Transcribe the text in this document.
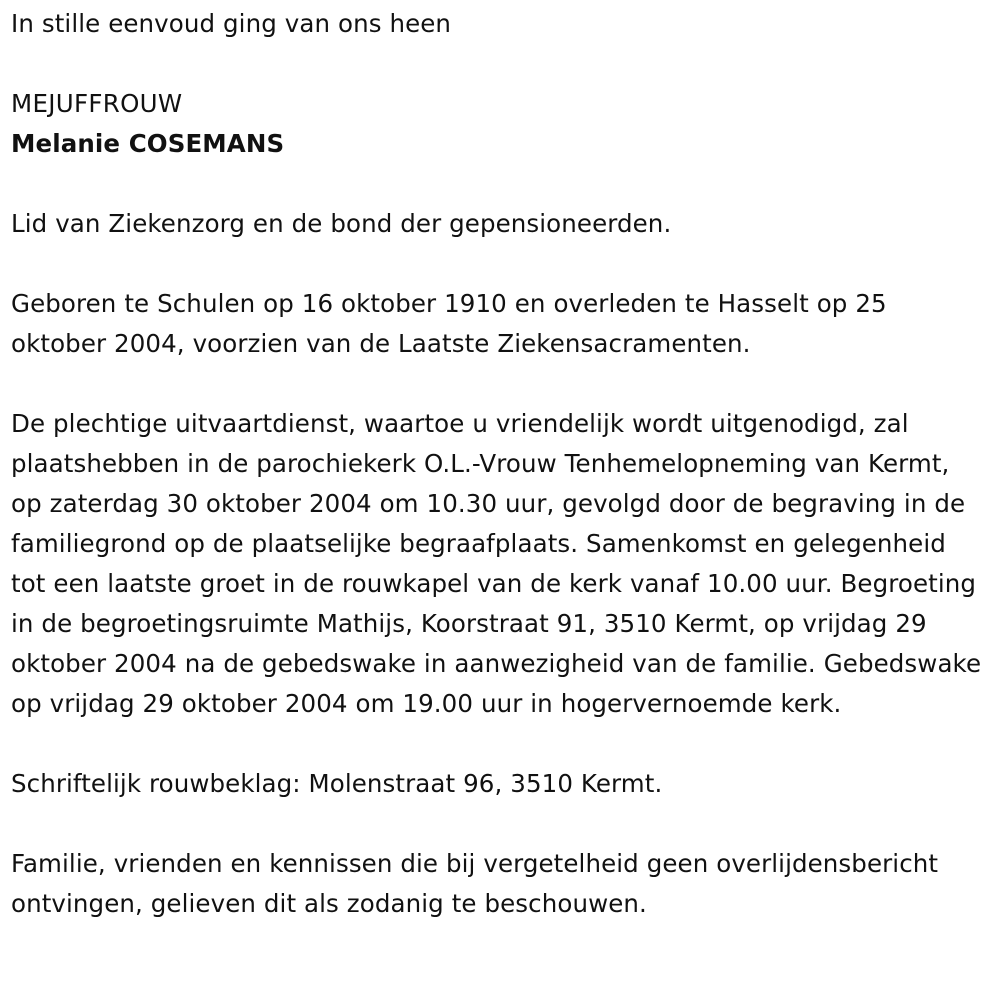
In stille eenvoud ging van ons heen

MEJUFFROUW

Melanie COSEMANS

Lid van Ziekenzorg en de bond der gepensioneerden.

Geboren te Schulen op 16 oktober 1910 en overleden te Hasselt op 25 oktober 2004, voorzien van de Laatste Ziekensacramenten.

De plechtige uitvaartdienst, waartoe u vriendelijk wordt uitgenodigd, zal plaatshebben in de parochiekerk O.L.-Vrouw Tenhemelopneming van Kermt, op zaterdag 30 oktober 2004 om 10.30 uur, gevolgd door de begraving in de familiegrond op de plaatselijke begraafplaats. Samenkomst en gelegenheid tot een laatste groet in de rouwkapel van de kerk vanaf 10.00 uur. Begroeting in de begroetingsruimte Mathijs, Koorstraat 91, 3510 Kermt, op vrijdag 29 oktober 2004 na de gebedswake in aanwezigheid van de familie. Gebedswake op vrijdag 29 oktober 2004 om 19.00 uur in hogervernoemde kerk.

Schriftelijk rouwbeklag: Molenstraat 96, 3510 Kermt.

Familie, vrienden en kennissen die bij vergetelheid geen overlijdensbericht ontvingen, gelieven dit als zodanig te beschouwen.
